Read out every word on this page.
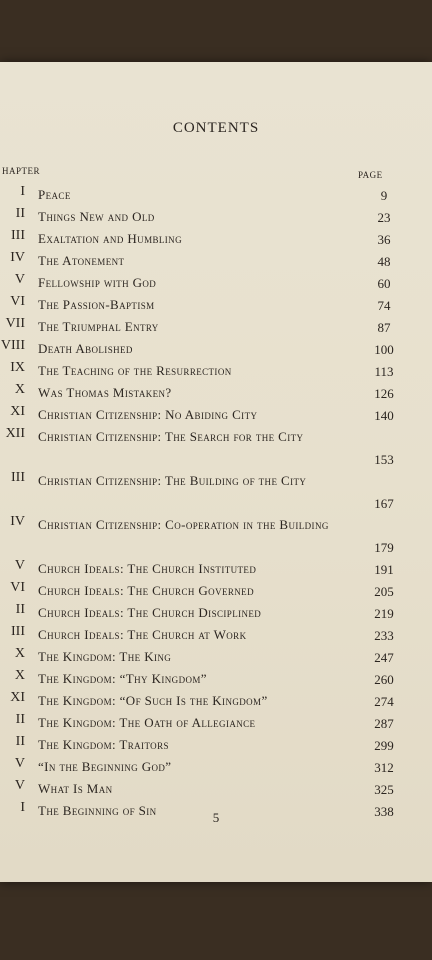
CONTENTS
HAPTER	PAGE
I Peace	9
II Things New and Old	23
III Exaltation and Humbling	36
IV The Atonement	48
V Fellowship with God	60
VI The Passion-Baptism	74
VII The Triumphal Entry	87
VIII Death Abolished	100
IX The Teaching of the Resurrection	113
X Was Thomas Mistaken?	126
XI Christian Citizenship: No Abiding City	140
XII Christian Citizenship: The Search for the City
153
III Christian Citizenship: The Building of the City
167
IV Christian Citizenship: Co-operation in the Building
179
V Church Ideals: The Church Instituted	191
VI Church Ideals: The Church Governed	205
II Church Ideals: The Church Disciplined	219
III Church Ideals: The Church at Work	233
X The Kingdom: The King	247
X The Kingdom: “Thy Kingdom”	260
XI The Kingdom: “Of Such Is the Kingdom”	274
II The Kingdom: The Oath of Allegiance	287
II The Kingdom: Traitors	299
V “In the Beginning God”	312
V What Is Man	325
I The Beginning of Sin	338
5
